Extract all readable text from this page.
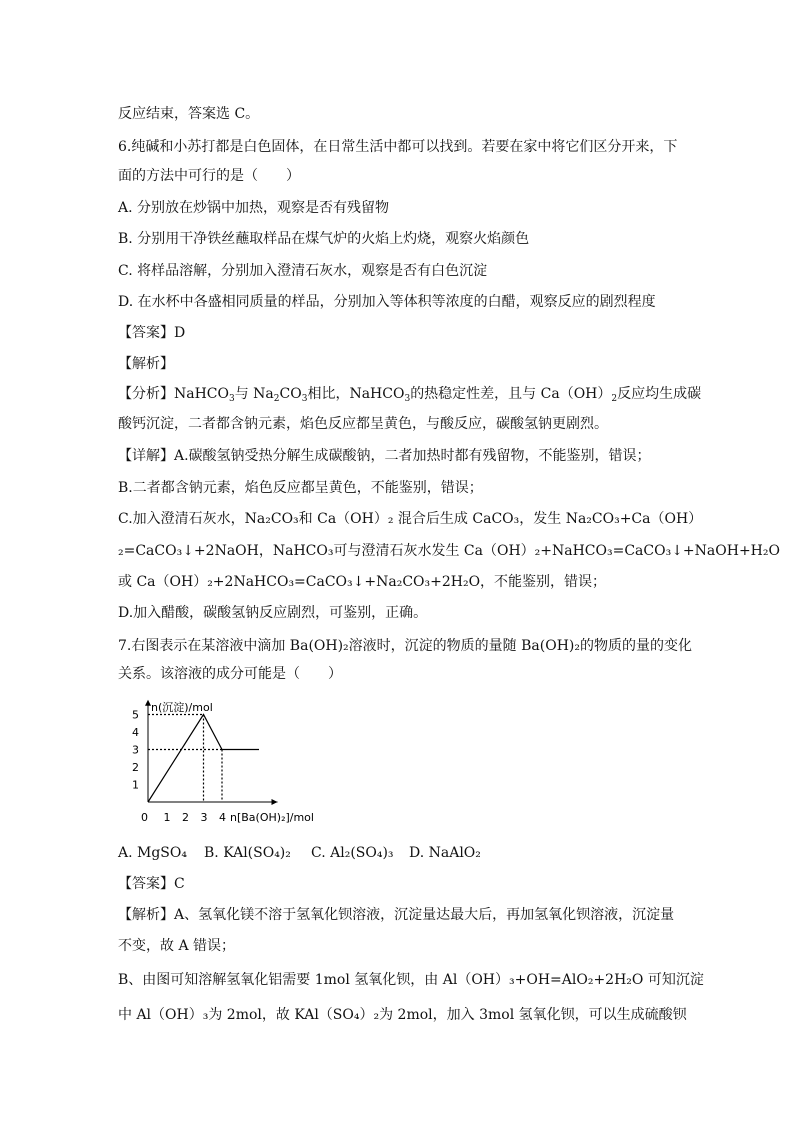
反应结束，答案选 C。
6.纯碱和小苏打都是白色固体，在日常生活中都可以找到。若要在家中将它们区分开来，下
面的方法中可行的是（　　）
A. 分别放在炒锅中加热，观察是否有残留物
B. 分别用干净铁丝蘸取样品在煤气炉的火焰上灼烧，观察火焰颜色
C. 将样品溶解，分别加入澄清石灰水，观察是否有白色沉淀
D. 在水杯中各盛相同质量的样品，分别加入等体积等浓度的白醋，观察反应的剧烈程度
【答案】D
【解析】
【分析】NaHCO$_3$与 $Na_2CO_3$相比，NaHCO$_3$的热稳定性差，且与 $Ca(OH)_2$反应均生成碳
酸钙沉淀，二者都含钠元素，焰色反应都呈黄色，与酸反应，碳酸氢钠更剧烈。
【详解】A.碳酸氢钠受热分解生成碳酸钠，二者加热时都有残留物，不能鉴别，错误；
B.二者都含钠元素，焰色反应都呈黄色，不能鉴别，错误；
C.加入澄清石灰水，Na₂CO₃和 Ca（OH）₂ 混合后生成 CaCO₃，发生 Na₂CO₃+Ca（OH）
₂=CaCO₃↓+2NaOH，NaHCO₃可与澄清石灰水发生 Ca（OH）₂+NaHCO₃=CaCO₃↓+NaOH+H₂O
或 Ca（OH）₂+2NaHCO₃=CaCO₃↓+Na₂CO₃+2H₂O，不能鉴别，错误；
D.加入醋酸，碳酸氢钠反应剧烈，可鉴别，正确。
7.右图表示在某溶液中滴加 Ba(OH)₂溶液时，沉淀的物质的量随 Ba(OH)₂的物质的量的变化
关系。该溶液的成分可能是（　　）
n(沉淀)/mol
n[Ba(OH)₂]/mol
0 1 2 3 4
1
2
3
4
5
A. MgSO₄ B. KAl(SO₄)₂ C. Al₂(SO₄)₃ D. NaAlO₂
【答案】C
【解析】A、氢氧化镁不溶于氢氧化钡溶液，沉淀量达最大后，再加氢氧化钡溶液，沉淀量
不变，故 A 错误；
B、由图可知溶解氢氧化铝需要 1mol 氢氧化钡，由 Al（OH）₃+OH=AlO₂+2H₂O 可知沉淀
中 Al（OH）₃为 2mol，故 KAl（SO₄）₂为 2mol，加入 3mol 氢氧化钡，可以生成硫酸钡
